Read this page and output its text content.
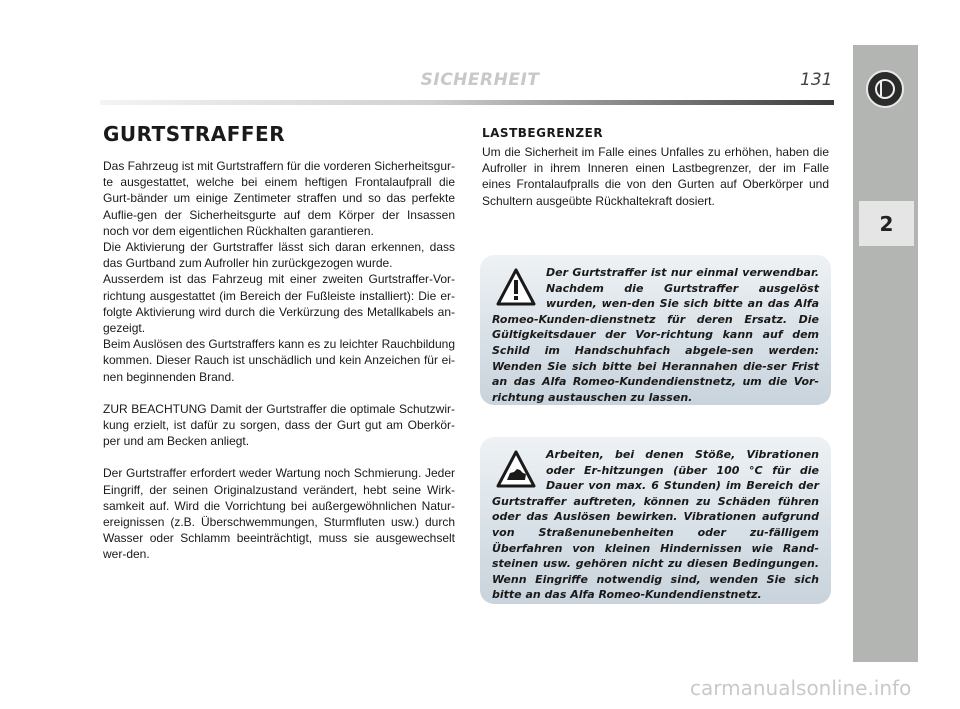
SICHERHEIT	131
2
GURTSTRAFFER

Das Fahrzeug ist mit Gurtstraffern für die vorderen Sicherheitsgur-te ausgestattet, welche bei einem heftigen Frontalaufprall die Gurt-bänder um einige Zentimeter straffen und so das perfekte Auflie-gen der Sicherheitsgurte auf dem Körper der Insassen noch vor dem eigentlichen Rückhalten garantieren.

Die Aktivierung der Gurtstraffer lässt sich daran erkennen, dass das Gurtband zum Aufroller hin zurückgezogen wurde.

Ausserdem ist das Fahrzeug mit einer zweiten Gurtstraffer-Vor-richtung ausgestattet (im Bereich der Fußleiste installiert): Die er-folgte Aktivierung wird durch die Verkürzung des Metallkabels an-gezeigt.

Beim Auslösen des Gurtstraffers kann es zu leichter Rauchbildung kommen. Dieser Rauch ist unschädlich und kein Anzeichen für ei-nen beginnenden Brand.

ZUR BEACHTUNG Damit der Gurtstraffer die optimale Schutzwir-kung erzielt, ist dafür zu sorgen, dass der Gurt gut am Oberkör-per und am Becken anliegt.

Der Gurtstraffer erfordert weder Wartung noch Schmierung. Jeder Eingriff, der seinen Originalzustand verändert, hebt seine Wirk-samkeit auf. Wird die Vorrichtung bei außergewöhnlichen Natur-ereignissen (z.B. Überschwemmungen, Sturmfluten usw.) durch Wasser oder Schlamm beeinträchtigt, muss sie ausgewechselt wer-den.

LASTBEGRENZER

Um die Sicherheit im Falle eines Unfalles zu erhöhen, haben die Aufroller in ihrem Inneren einen Lastbegrenzer, der im Falle eines Frontalaufpralls die von den Gurten auf Oberkörper und Schultern ausgeübte Rückhaltekraft dosiert.

Der Gurtstraffer ist nur einmal verwendbar. Nachdem die Gurtstraffer ausgelöst wurden, wen-den Sie sich bitte an das Alfa Romeo-Kunden-dienstnetz für deren Ersatz. Die Gültigkeitsdauer der Vor-richtung kann auf dem Schild im Handschuhfach abgele-sen werden: Wenden Sie sich bitte bei Herannahen die-ser Frist an das Alfa Romeo-Kundendienstnetz, um die Vor-richtung austauschen zu lassen.

Arbeiten, bei denen Stöße, Vibrationen oder Er-hitzungen (über 100 °C für die Dauer von max. 6 Stunden) im Bereich der Gurtstraffer auftreten, können zu Schäden führen oder das Auslösen bewirken. Vibrationen aufgrund von Straßenunebenheiten oder zu-fälligem Überfahren von kleinen Hindernissen wie Rand-steinen usw. gehören nicht zu diesen Bedingungen. Wenn Eingriffe notwendig sind, wenden Sie sich bitte an das Alfa Romeo-Kundendienstnetz.

carmanualsonline.info
